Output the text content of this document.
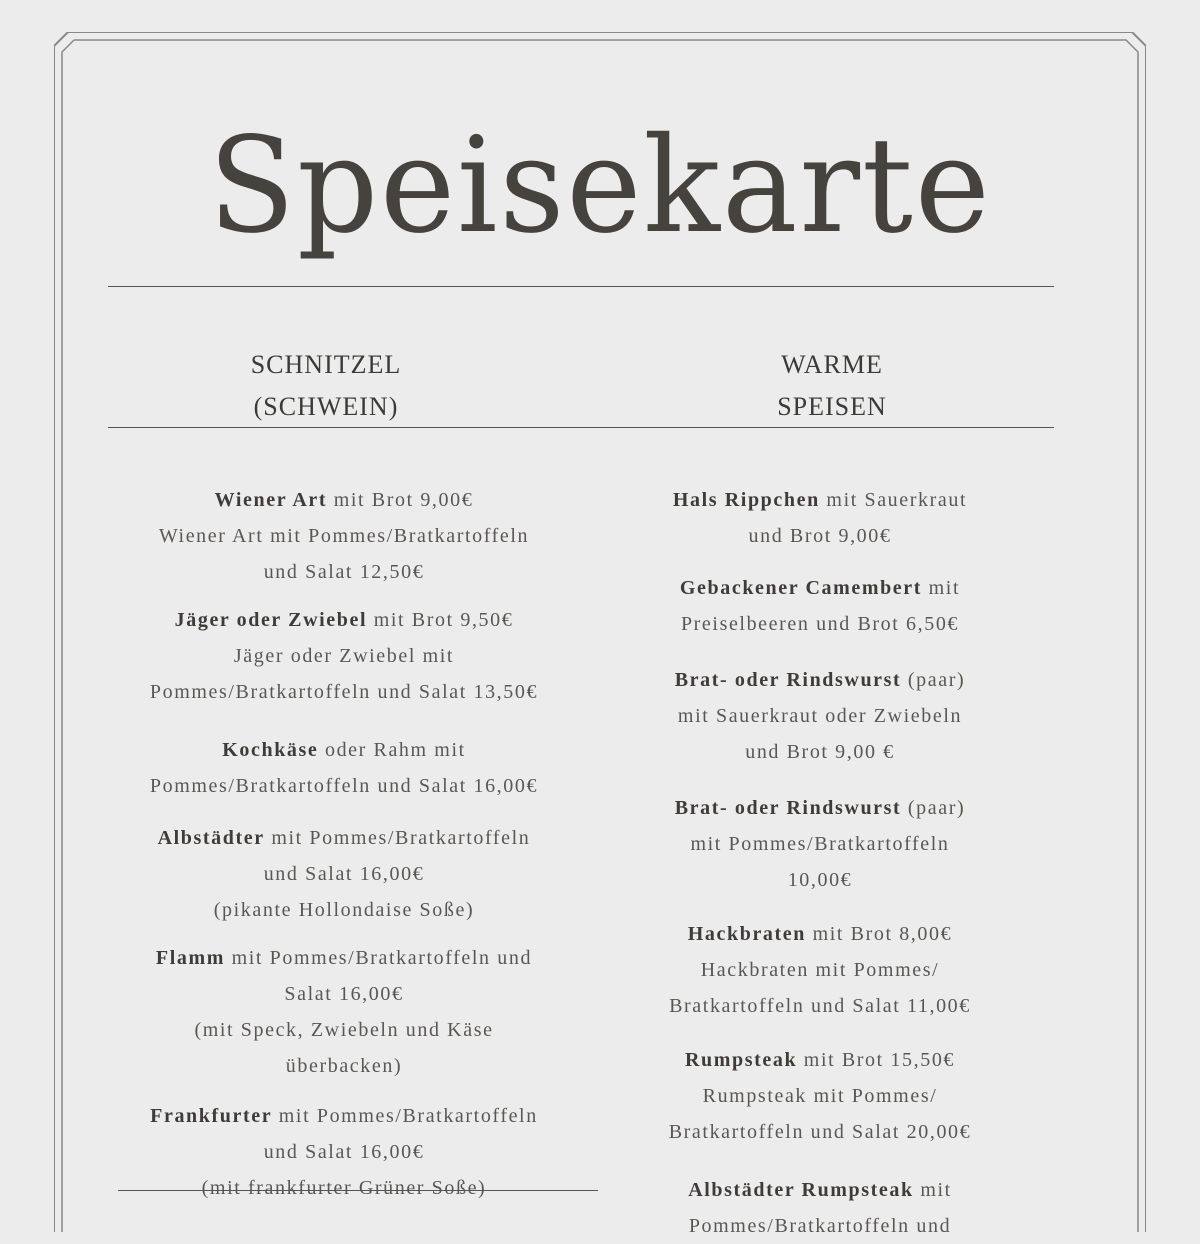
Speisekarte
SCHNITZEL
(SCHWEIN)
WARME
SPEISEN
Wiener Art mit Brot 9,00€
Wiener Art mit Pommes/Bratkartoffeln
und Salat 12,50€
Jäger oder Zwiebel mit Brot 9,50€
Jäger oder Zwiebel mit
Pommes/Bratkartoffeln und Salat 13,50€
Kochkäse oder Rahm mit
Pommes/Bratkartoffeln und Salat 16,00€
Albstädter mit Pommes/Bratkartoffeln
und Salat 16,00€
(pikante Hollondaise Soße)
Flamm mit Pommes/Bratkartoffeln und
Salat 16,00€
(mit Speck, Zwiebeln und Käse
überbacken)
Frankfurter mit Pommes/Bratkartoffeln
und Salat 16,00€
(mit frankfurter Grüner Soße)
Hals Rippchen mit Sauerkraut
und Brot 9,00€
Gebackener Camembert mit
Preiselbeeren und Brot 6,50€
Brat- oder Rindswurst (paar)
mit Sauerkraut oder Zwiebeln
und Brot 9,00 €
Brat- oder Rindswurst (paar)
mit Pommes/Bratkartoffeln
10,00€
Hackbraten mit Brot 8,00€
Hackbraten mit Pommes/
Bratkartoffeln und Salat 11,00€
Rumpsteak mit Brot 15,50€
Rumpsteak mit Pommes/
Bratkartoffeln und Salat 20,00€
Albstädter Rumpsteak mit
Pommes/Bratkartoffeln und
